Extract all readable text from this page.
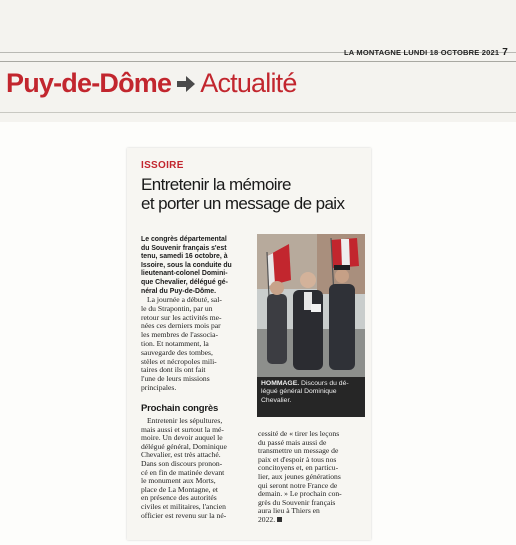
LA MONTAGNE LUNDI 18 OCTOBRE 2021 7
Puy-de-Dôme Actualité
ISSOIRE
Entretenir la mémoire
et porter un message de paix
Le congrès départemental
du Souvenir français s'est
tenu, samedi 16 octobre, à
Issoire, sous la conduite du
lieutenant-colonel Domini-
que Chevalier, délégué gé-
néral du Puy-de-Dôme.
La journée a débuté, sal-
le du Strapontin, par un
retour sur les activités me-
nées ces derniers mois par
les membres de l'associa-
tion. Et notamment, la
sauvegarde des tombes,
stèles et nécropoles mili-
taires dont ils ont fait
l'une de leurs missions
principales.	HOMMAGE. Discours du dé-
légué général Dominique
Chevalier.
Prochain congrès
Entretenir les sépultures,
mais aussi et surtout la mé-
moire. Un devoir auquel le
délégué général, Dominique
Chevalier, est très attaché.
Dans son discours pronon-
cé en fin de matinée devant
le monument aux Morts,
place de La Montagne, et
en présence des autorités
civiles et militaires, l'ancien
officier est revenu sur la né-
cessité de « tirer les leçons
du passé mais aussi de
transmettre un message de
paix et d'espoir à tous nos
concitoyens et, en particu-
lier, aux jeunes générations
qui seront notre France de
demain. » Le prochain con-
grès du Souvenir français
aura lieu à Thiers en
2022.
